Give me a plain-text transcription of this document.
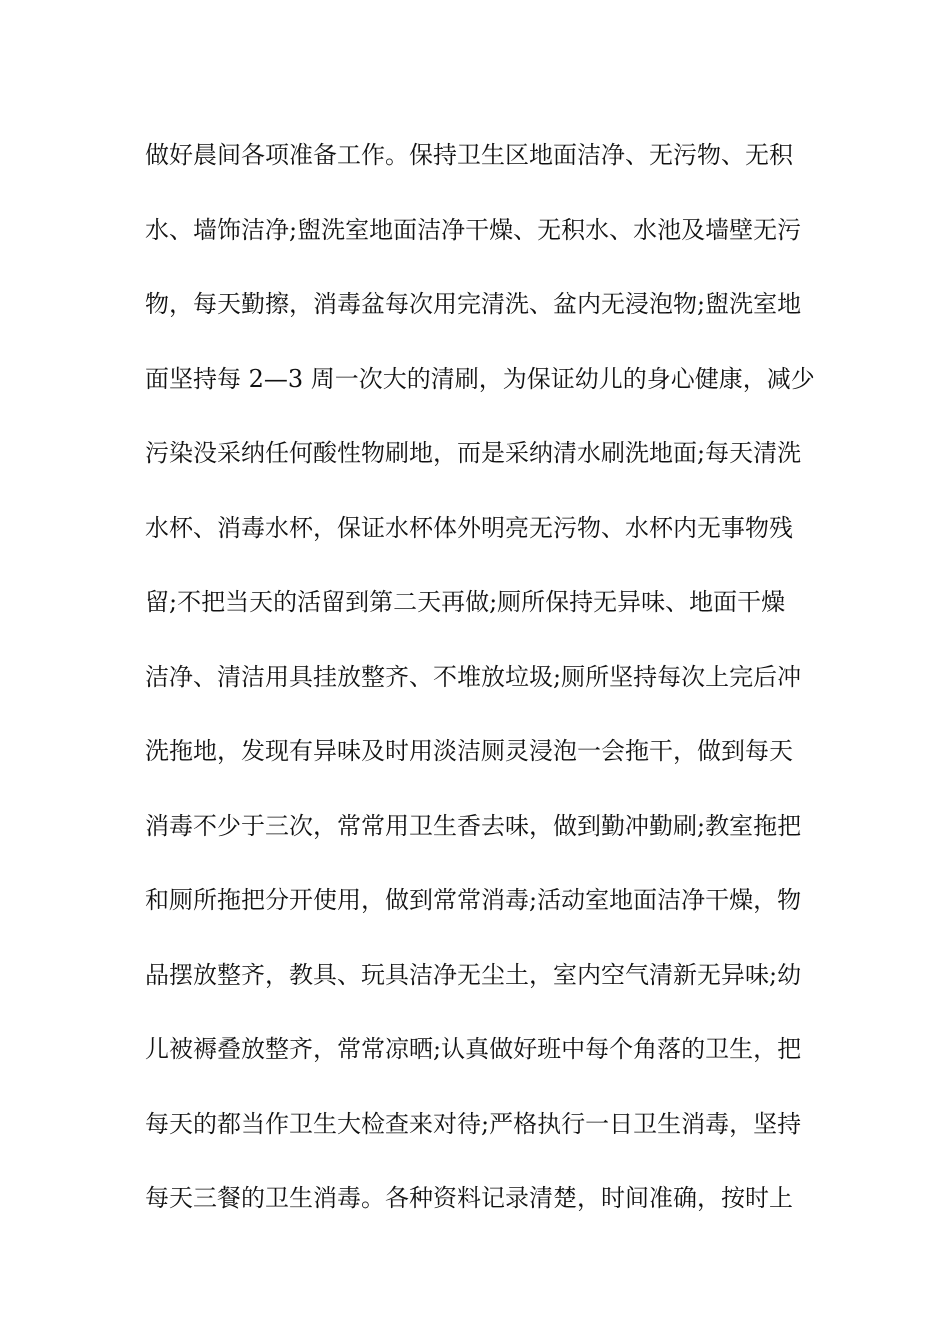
做好晨间各项准备工作。保持卫生区地面洁净、无污物、无积
水、墙饰洁净;盥洗室地面洁净干燥、无积水、水池及墙壁无污
物，每天勤擦，消毒盆每次用完清洗、盆内无浸泡物;盥洗室地
面坚持每 2—3 周一次大的清刷，为保证幼儿的身心健康，减少
污染没采纳任何酸性物刷地，而是采纳清水刷洗地面;每天清洗
水杯、消毒水杯，保证水杯体外明亮无污物、水杯内无事物残
留;不把当天的活留到第二天再做;厕所保持无异味、地面干燥
洁净、清洁用具挂放整齐、不堆放垃圾;厕所坚持每次上完后冲
洗拖地，发现有异味及时用淡洁厕灵浸泡一会拖干，做到每天
消毒不少于三次，常常用卫生香去味，做到勤冲勤刷;教室拖把
和厕所拖把分开使用，做到常常消毒;活动室地面洁净干燥，物
品摆放整齐，教具、玩具洁净无尘土，室内空气清新无异味;幼
儿被褥叠放整齐，常常凉晒;认真做好班中每个角落的卫生，把
每天的都当作卫生大检查来对待;严格执行一日卫生消毒，坚持
每天三餐的卫生消毒。各种资料记录清楚，时间准确，按时上
